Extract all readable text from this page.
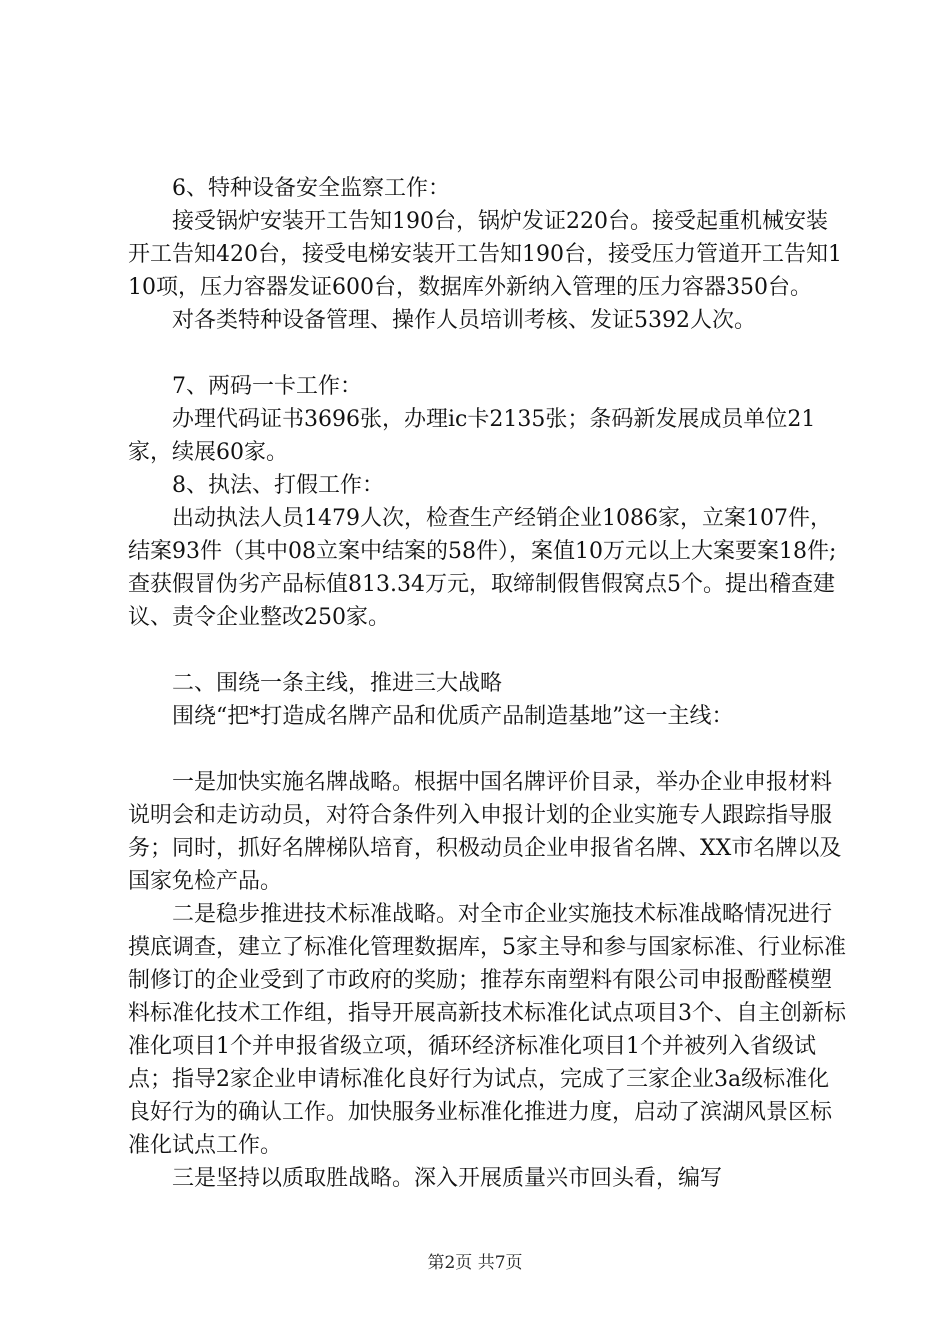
6、特种设备安全监察工作：

接受锅炉安装开工告知190台，锅炉发证220台。接受起重机械安装开工告知420台，接受电梯安装开工告知190台，接受压力管道开工告知110项，压力容器发证600台，数据库外新纳入管理的压力容器350台。

对各类特种设备管理、操作人员培训考核、发证5392人次。

7、两码一卡工作：

办理代码证书3696张，办理ic卡2135张；条码新发展成员单位21家，续展60家。

8、执法、打假工作：

出动执法人员1479人次，检查生产经销企业1086家，立案107件，结案93件（其中08立案中结案的58件），案值10万元以上大案要案18件;查获假冒伪劣产品标值813.34万元，取缔制假售假窝点5个。提出稽查建议、责令企业整改250家。

二、围绕一条主线，推进三大战略

围绕“把*打造成名牌产品和优质产品制造基地”这一主线：

一是加快实施名牌战略。根据中国名牌评价目录，举办企业申报材料说明会和走访动员，对符合条件列入申报计划的企业实施专人跟踪指导服务；同时，抓好名牌梯队培育，积极动员企业申报省名牌、XX市名牌以及国家免检产品。

二是稳步推进技术标准战略。对全市企业实施技术标准战略情况进行摸底调查，建立了标准化管理数据库，5家主导和参与国家标准、行业标准制修订的企业受到了市政府的奖励；推荐东南塑料有限公司申报酚醛模塑料标准化技术工作组，指导开展高新技术标准化试点项目3个、自主创新标准化项目1个并申报省级立项，循环经济标准化项目1个并被列入省级试点；指导2家企业申请标准化良好行为试点，完成了三家企业3a级标准化良好行为的确认工作。加快服务业标准化推进力度，启动了滨湖风景区标准化试点工作。

三是坚持以质取胜战略。深入开展质量兴市回头看，编写

第2页 共7页
